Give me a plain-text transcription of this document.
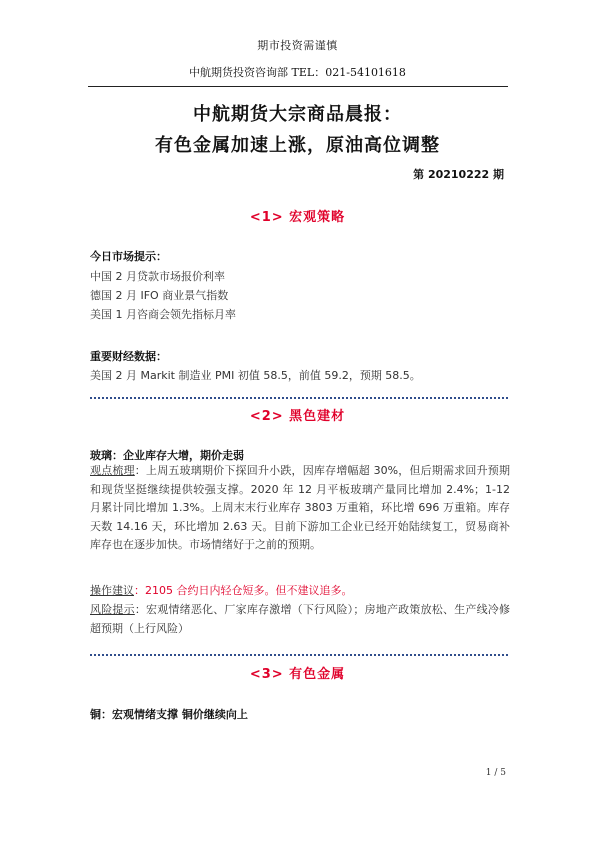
期市投资需谨慎
中航期货投资咨询部 TEL：021-54101618
中航期货大宗商品晨报：
有色金属加速上涨，原油高位调整
第 20210222 期
<1> 宏观策略
今日市场提示：
中国 2 月贷款市场报价利率
德国 2 月 IFO 商业景气指数
美国 1 月咨商会领先指标月率
重要财经数据：
美国 2 月 Markit 制造业 PMI 初值 58.5，前值 59.2，预期 58.5。
<2> 黑色建材
玻璃：企业库存大增，期价走弱
观点梳理：上周五玻璃期价下探回升小跌，因库存增幅超 30%，但后期需求回升预期和现货坚挺继续提供较强支撑。2020 年 12 月平板玻璃产量同比增加 2.4%；1-12 月累计同比增加 1.3%。上周末末行业库存 3803 万重箱，环比增 696 万重箱。库存天数 14.16 天，环比增加 2.63 天。目前下游加工企业已经开始陆续复工，贸易商补库存也在逐步加快。市场情绪好于之前的预期。
操作建议：2105 合约日内轻仓短多。但不建议追多。
风险提示：宏观情绪恶化、厂家库存激增（下行风险）；房地产政策放松、生产线冷修超预期（上行风险）
<3> 有色金属
铜：宏观情绪支撑 铜价继续向上
1 / 5
